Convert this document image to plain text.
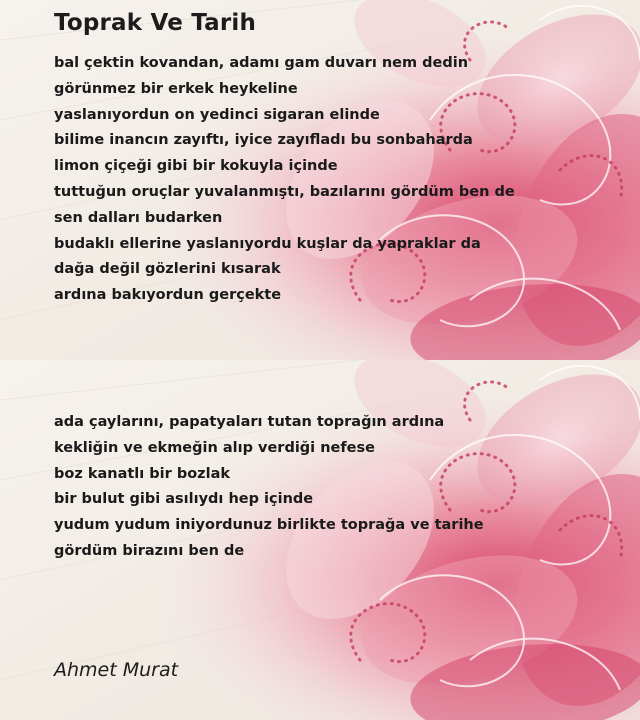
Toprak Ve Tarih
bal çektin kovandan, adamı gam duvarı nem dedin
görünmez bir erkek heykeline
yaslanıyordun on yedinci sigaran elinde
bilime inancın zayıftı, iyice zayıfladı bu sonbaharda
limon çiçeği gibi bir kokuyla içinde
tuttuğun oruçlar yuvalanmıştı, bazılarını gördüm ben de
sen dalları budarken
budaklı ellerine yaslanıyordu kuşlar da yapraklar da
dağa değil gözlerini kısarak
ardına bakıyordun gerçekte
ada çaylarını, papatyaları tutan toprağın ardına
kekliğin ve ekmeğin alıp verdiği nefese
boz kanatlı bir bozlak
bir bulut gibi asılıydı hep içinde
yudum yudum iniyordunuz birlikte toprağa ve tarihe
gördüm birazını ben de

Ahmet Murat
